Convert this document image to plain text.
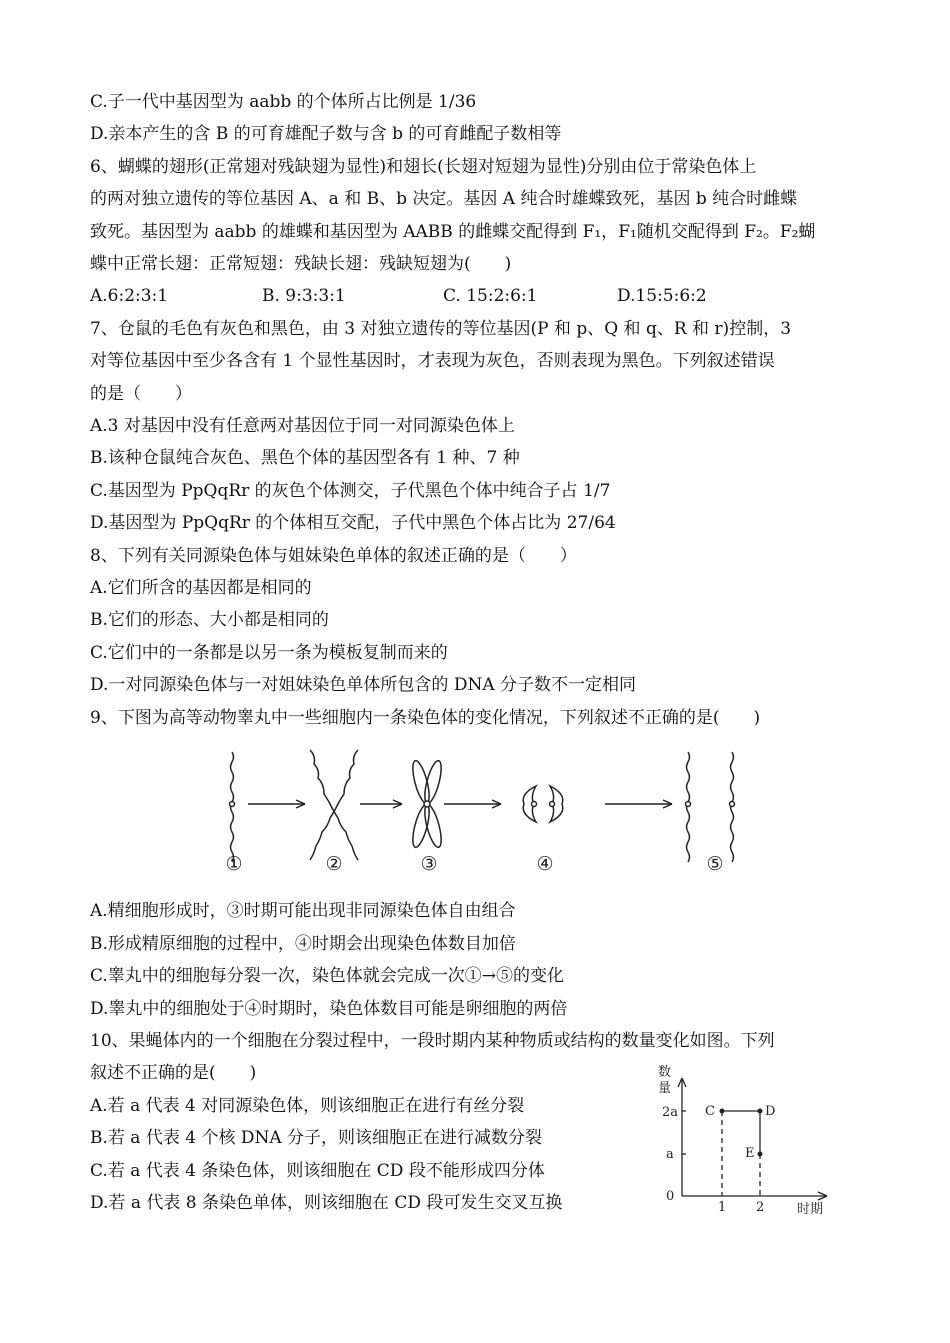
C.子一代中基因型为 aabb 的个体所占比例是 1/36
D.亲本产生的含 B 的可育雄配子数与含 b 的可育雌配子数相等
6、蝴蝶的翅形(正常翅对残缺翅为显性)和翅长(长翅对短翅为显性)分别由位于常染色体上
的两对独立遗传的等位基因 A、a 和 B、b 决定。基因 A 纯合时雄蝶致死，基因 b 纯合时雌蝶
致死。基因型为 aabb 的雄蝶和基因型为 AABB 的雌蝶交配得到 F₁，F₁随机交配得到 F₂。F₂蝴
蝶中正常长翅：正常短翅：残缺长翅：残缺短翅为(　　)
A.6:2:3:1	B. 9:3:3:1	C. 15:2:6:1	D.15:5:6:2
7、仓鼠的毛色有灰色和黑色，由 3 对独立遗传的等位基因(P 和 p、Q 和 q、R 和 r)控制，3
对等位基因中至少各含有 1 个显性基因时，才表现为灰色，否则表现为黑色。下列叙述错误
的是（　　）
A.3 对基因中没有任意两对基因位于同一对同源染色体上
B.该种仓鼠纯合灰色、黑色个体的基因型各有 1 种、7 种
C.基因型为 PpQqRr 的灰色个体测交，子代黑色个体中纯合子占 1/7
D.基因型为 PpQqRr 的个体相互交配，子代中黑色个体占比为 27/64
8、下列有关同源染色体与姐妹染色单体的叙述正确的是（　　）
A.它们所含的基因都是相同的
B.它们的形态、大小都是相同的
C.它们中的一条都是以另一条为模板复制而来的
D.一对同源染色体与一对姐妹染色单体所包含的 DNA 分子数不一定相同
9、下图为高等动物睾丸中一些细胞内一条染色体的变化情况，下列叙述不正确的是(　　)
①	②	③	④	⑤
A.精细胞形成时，③时期可能出现非同源染色体自由组合
B.形成精原细胞的过程中，④时期会出现染色体数目加倍
C.睾丸中的细胞每分裂一次，染色体就会完成一次①→⑤的变化
D.睾丸中的细胞处于④时期时，染色体数目可能是卵细胞的两倍
10、果蝇体内的一个细胞在分裂过程中，一段时期内某种物质或结构的数量变化如图。下列
叙述不正确的是(　　)
A.若 a 代表 4 对同源染色体，则该细胞正在进行有丝分裂
B.若 a 代表 4 个核 DNA 分子，则该细胞正在进行减数分裂
C.若 a 代表 4 条染色体，则该细胞在 CD 段不能形成四分体
D.若 a 代表 8 条染色单体，则该细胞在 CD 段可发生交叉互换
数
量
2a
a
0
1 2	时期
C	D
E
